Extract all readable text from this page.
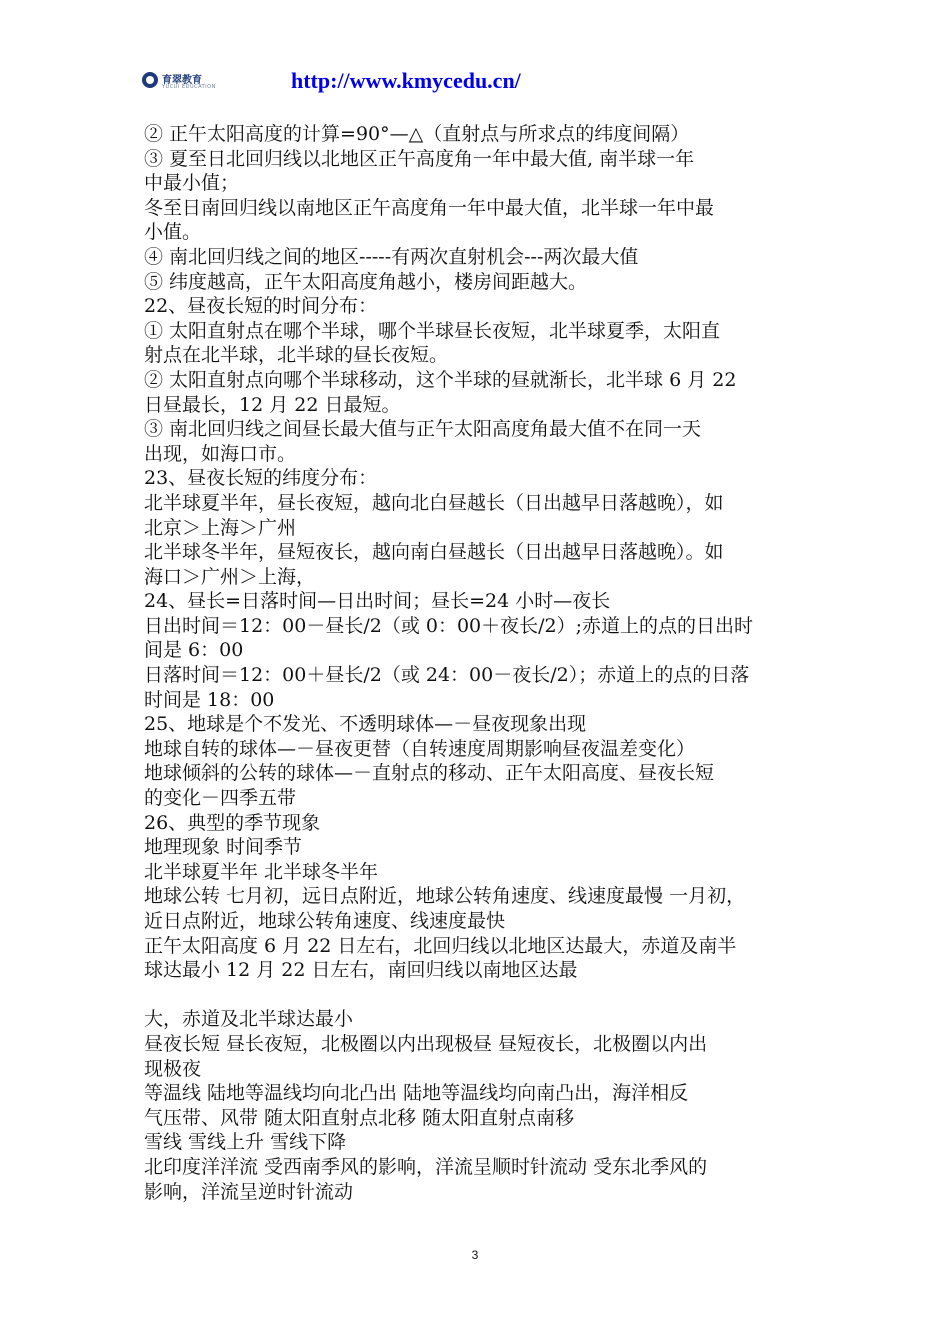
育翠教育
YUCUI EDUCATION	http://www.kmycedu.cn/

② 正午太阳高度的计算=90°—△（直射点与所求点的纬度间隔）

③ 夏至日北回归线以北地区正午高度角一年中最大值, 南半球一年

中最小值；

冬至日南回归线以南地区正午高度角一年中最大值，北半球一年中最

小值。

④ 南北回归线之间的地区-----有两次直射机会---两次最大值

⑤ 纬度越高，正午太阳高度角越小，楼房间距越大。

22、昼夜长短的时间分布：

① 太阳直射点在哪个半球，哪个半球昼长夜短，北半球夏季，太阳直

射点在北半球，北半球的昼长夜短。

② 太阳直射点向哪个半球移动，这个半球的昼就渐长，北半球 6 月 22

日昼最长，12 月 22 日最短。

③ 南北回归线之间昼长最大值与正午太阳高度角最大值不在同一天

出现，如海口市。

23、昼夜长短的纬度分布：

北半球夏半年，昼长夜短，越向北白昼越长（日出越早日落越晚），如

北京＞上海＞广州

北半球冬半年，昼短夜长，越向南白昼越长（日出越早日落越晚）。如

海口＞广州＞上海，

24、昼长=日落时间—日出时间；昼长=24 小时—夜长

日出时间＝12：00－昼长/2（或 0：00＋夜长/2）;赤道上的点的日出时

间是 6：00

日落时间＝12：00＋昼长/2（或 24：00－夜长/2）；赤道上的点的日落

时间是 18：00

25、地球是个不发光、不透明球体—－昼夜现象出现

地球自转的球体—－昼夜更替（自转速度周期影响昼夜温差变化）

地球倾斜的公转的球体—－直射点的移动、正午太阳高度、昼夜长短

的变化－四季五带

26、典型的季节现象

地理现象 时间季节

北半球夏半年 北半球冬半年

地球公转 七月初，远日点附近，地球公转角速度、线速度最慢 一月初，

近日点附近，地球公转角速度、线速度最快

正午太阳高度 6 月 22 日左右，北回归线以北地区达最大，赤道及南半

球达最小 12 月 22 日左右，南回归线以南地区达最

大，赤道及北半球达最小

昼夜长短 昼长夜短，北极圈以内出现极昼 昼短夜长，北极圈以内出

现极夜

等温线 陆地等温线均向北凸出 陆地等温线均向南凸出，海洋相反

气压带、风带 随太阳直射点北移 随太阳直射点南移

雪线 雪线上升 雪线下降

北印度洋洋流 受西南季风的影响，洋流呈顺时针流动 受东北季风的

影响，洋流呈逆时针流动

3
